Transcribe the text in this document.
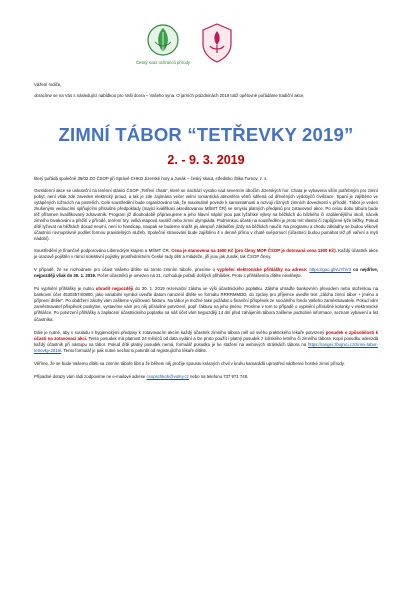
Český svaz ochránců přírody

Vážení rodiče,

obracíme se na Vás s následující nabídkou pro Vaši dcera – Vašeho syna. O jarních prázdninách 2019 totiž opětovně pořádáme tradiční akce,

ZIMNÍ TÁBOR “TETŘEVKY 2019”
2. - 9. 3. 2019

který pořádá společně 36/02 ZO ČSOP při Správě CHKO Jizerské hory a Junák – český skaut, středisko Štika Turnov, z. s.

Osmidenní akce se uskuteční na terénní stanici ČSOP „Tetřeví chata“, které se nachází vysoko nad severním úbočím Jizerských hor. Chata je vybavena vším potřebným pro zimní pobyt, není však zde zaveden elektrický proud, a tak je zde zajímána večer velmi romantická atmosféra větrů sdílená od dřevěných výdobyčů civilizace. Spaní je zajištěno ve vytápěných ložnicích na postelích. Celé soustředění bude organizováno tak, že maximálně povede k samostatnosti a rozvoji různých zimních dovedností v přírodě. Tábor je veden zkušenými vedoucími splňujícími příslušné předpoklady (mající kvalifikaci akreditovanou MŠMT ČR) ve smyslu platných předpisů pro zotavovací akce. Po celou dobu tábora bude též přítomen kvalifikovaný zdravotník. Program již dlouhodobě připravujeme a jeho hlavní náplní jsou pak lyžařské výlety na běžkách do blízkého či vzdálenějšího okolí, nácvik zimního bivakování a přežití v přírodě, terénní hry, velká etapová soutěž nebo zimní olympiáda. Podmínkou účasti na soustředění je proto mít vlastní či zapůjčené lyže běžky. Pokud dítě lyžovat na běžkách dosud neumí, není to handicap, naopak se budeme snažit jej alespoň základům jízdy na běžkách naučit. Na programu a chodu základny se budou věkově účastníci rovnoprávně podílet formou pravidelných služeb. Společné stravování bude zajištěno 4 x denně přímo v chatě svépomocí (účastníci budou pomáhat též při vaření a mytí nádobí).

Soustředění je finančně podporováno Libereckým krajem a MŠMT ČR. Cena je stanovena na 1600 Kč (pro členy MOP ČSOP je dotovaná cena 1300 Kč). Každý účastník akce je úrazově pojištěn v rámci kolektivní pojistky prostřednictvím České rady dětí a mládeže, jiří jsou jak Junák, tak ČSOP členy.

V případě, že se rozhodnete pro účast Vašeho dítěte na tomto zimním táboře, prosíme o vyplnění elektronické přihlášky na adrese: https://goo.gl/vUYhV3 co nejdříve, nejpozději však do 30. 1. 2019. Počet účastníků je omezen na 21, rozhoduje pořadí došlých přihlášek. Proto s přihlášením dítěte neváhejte.

Po vyplnění přihlášky je nutno uhradit nejpozději do 30. 1. 2019 rezervační zálohu ve výši účastnického poplatku. Záloha uhraďte bankovním převodem nebo složenkou na bankovní účet 45303574/0800, jako variabilní symbol uveďte datum narození dítěte ve formátu RRRRMMDD, do zprávy pro příjemce uveďte text „záloha zimní tábor + jméno a příjmení dítěte“. Po obdržení zálohy vám zašleme vyúčtovací fakturu. Na tábor je možné také požádat o finanční příspěvek ze sociálního fondu Vašeho zaměstnavatele. Pokud vám zaměstnavatel příspěvek poskytne, vystavíme vám pro něj příslušné potvrzení, popř. fakturu na jeho jméno. Prosíme v tom to případě o vyplnění příslušné kolonky v elektronické přihlášce. Po potvrzení přihlášky a zaplacení účastnického poplatku na náš účet vám nejpozději 14 dní před zahájením tábora zašleme podrobné informace, seznam vybavení a list účastníka.

Dále je nutné, aby v souladu s hygienickými předpisy k zotavovacím akcím každý účastník zimního tábora měl od svého praktického lékaře potvrzený posudek o způsobilosti k účasti na zotavovací akci. Tento posudek má platnost 24 měsíců od data vydání a lze proto použít i platný posudek z loňského letního či zimního tábora. Kopii posudku odevzdá každý účastník při nástupu na tábor. Pokud dítě platný posudek nemá, formulář posudku je ke stažení na webových stránkách tábora na https://ranger.zbojnici.cz/zimni-tabor-tetrevky-2019/. Tento formulář je pak nutné nechat si potvrdit od registrujícího lékaře dítěte.

Věříme, že se bude Vašemu dítěti na zimním táboře líbit a že během něj prožije spoustu krásných chvil v kruhu kamarádů uprostřed nádherné horské zimní přírody.

Případné dotazy vám rádi zodpovíme ne e-mailové adrese csopschkoh@volny.cz nebo na telefonu 737 971 748.
